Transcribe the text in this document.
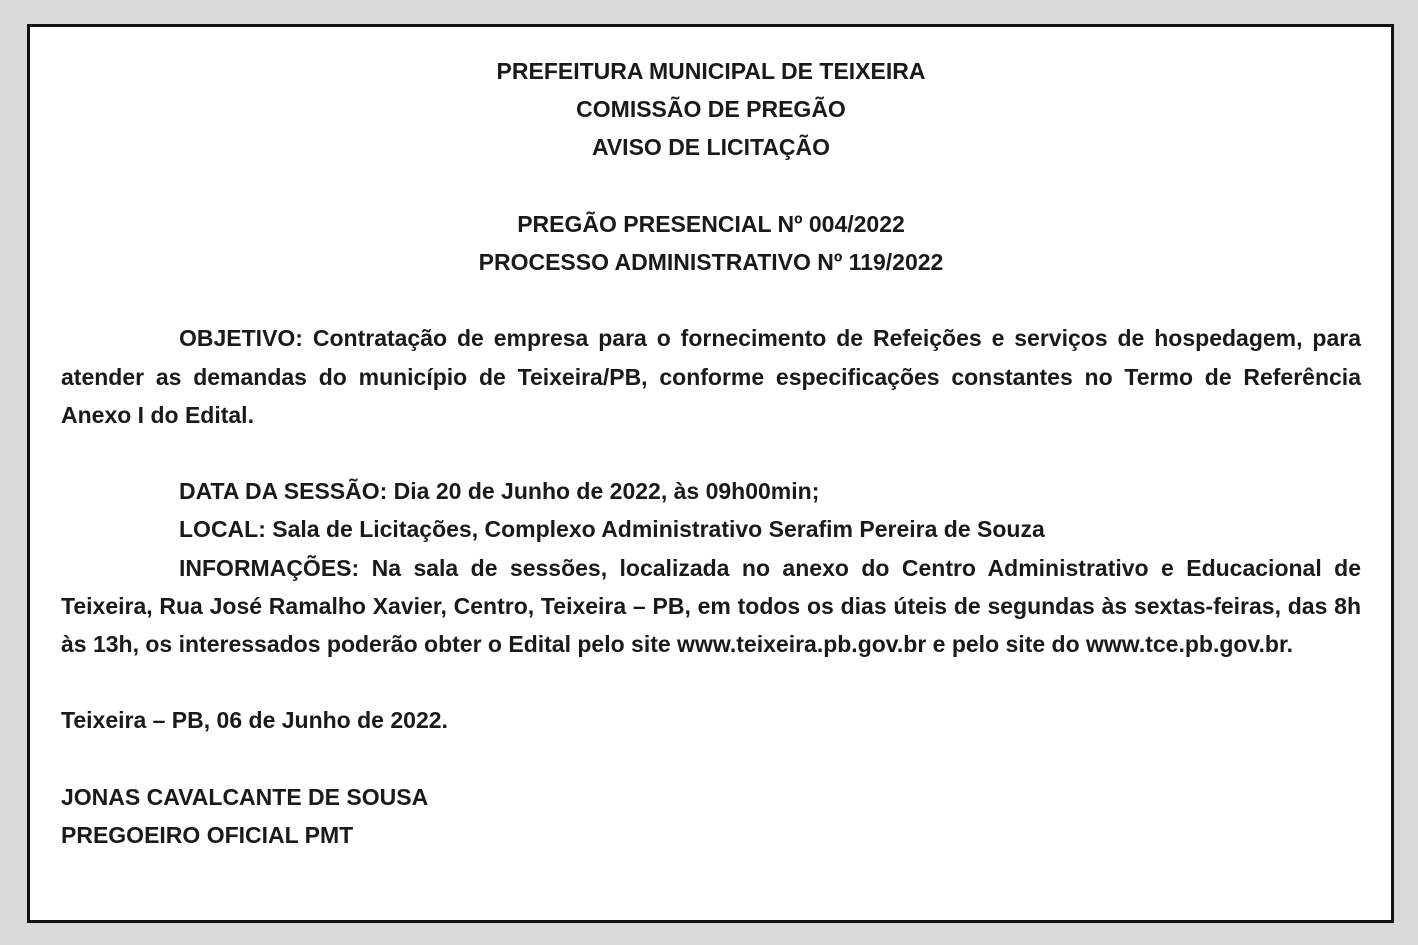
PREFEITURA MUNICIPAL DE TEIXEIRA
COMISSÃO DE PREGÃO
AVISO DE LICITAÇÃO
PREGÃO PRESENCIAL Nº 004/2022
PROCESSO ADMINISTRATIVO Nº 119/2022
OBJETIVO: Contratação de empresa para o fornecimento de Refeições e serviços de hospedagem, para atender as demandas do município de Teixeira/PB, conforme especificações constantes no Termo de Referência Anexo I do Edital.
DATA DA SESSÃO: Dia 20 de Junho de 2022, às 09h00min;
LOCAL: Sala de Licitações, Complexo Administrativo Serafim Pereira de Souza
INFORMAÇÕES: Na sala de sessões, localizada no anexo do Centro Administrativo e Educacional de Teixeira, Rua José Ramalho Xavier, Centro, Teixeira – PB, em todos os dias úteis de segundas às sextas-feiras, das 8h às 13h, os interessados poderão obter o Edital pelo site www.teixeira.pb.gov.br e pelo site do www.tce.pb.gov.br.
Teixeira – PB, 06 de Junho de 2022.
JONAS CAVALCANTE DE SOUSA
PREGOEIRO OFICIAL PMT
